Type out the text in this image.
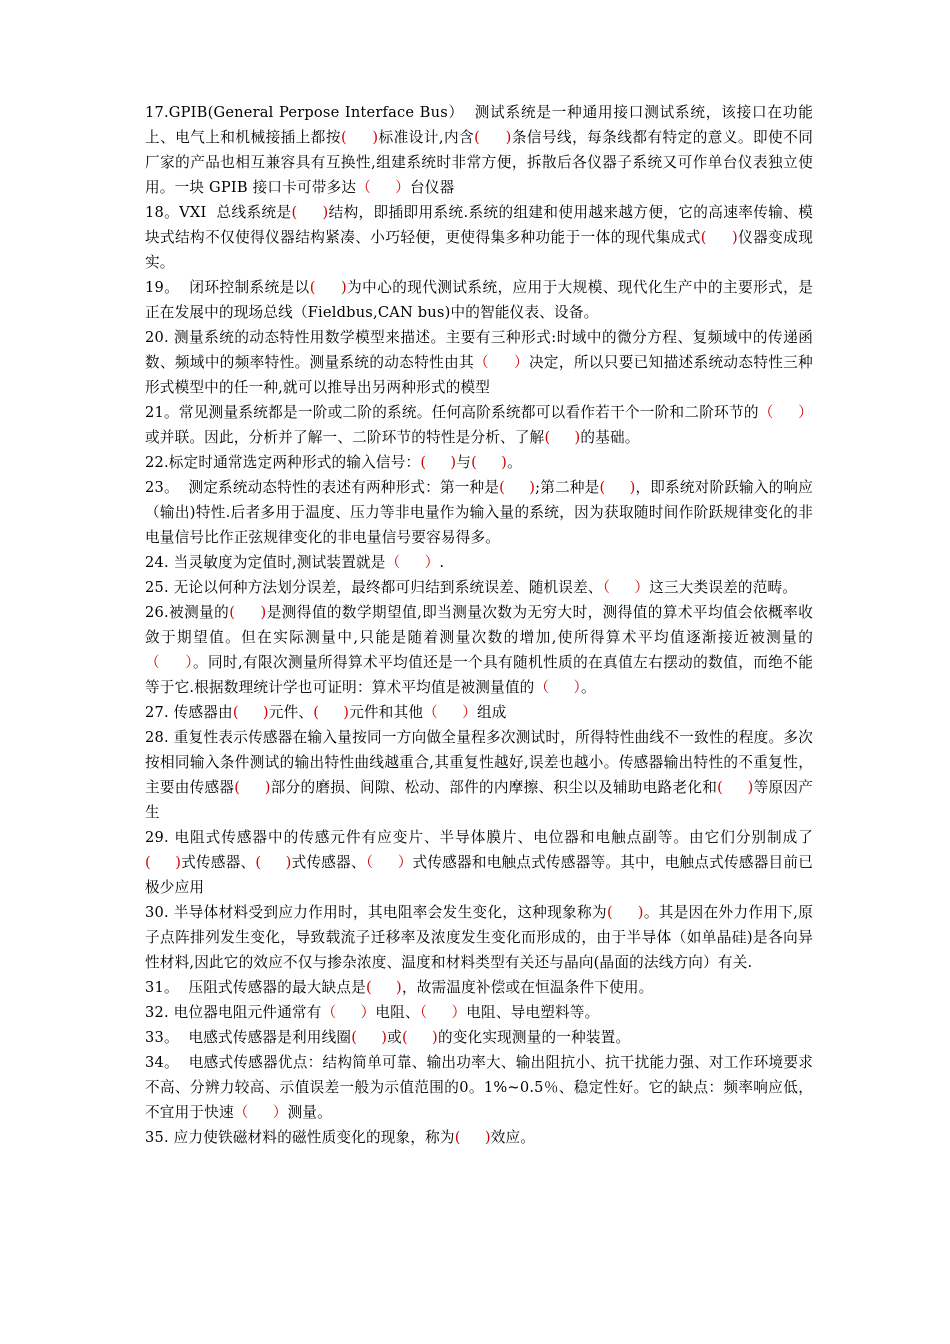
17.GPIB(General Perpose Interface Bus）  测试系统是一种通用接口测试系统，该接口在功能上、电气上和机械接插上都按(     )标准设计,内含(     )条信号线，每条线都有特定的意义。即使不同厂家的产品也相互兼容具有互换性,组建系统时非常方便，拆散后各仪器子系统又可作单台仪表独立使用。一块 GPIB 接口卡可带多达（     ）台仪器

18。VXI  总线系统是(     )结构，即插即用系统.系统的组建和使用越来越方便，它的高速率传输、模块式结构不仅使得仪器结构紧凑、小巧轻便，更使得集多种功能于一体的现代集成式(     )仪器变成现实。

19。  闭环控制系统是以(     )为中心的现代测试系统，应用于大规模、现代化生产中的主要形式，是正在发展中的现场总线（Fieldbus,CAN bus)中的智能仪表、设备。

20. 测量系统的动态特性用数学模型来描述。主要有三种形式:时域中的微分方程、复频域中的传递函数、频域中的频率特性。测量系统的动态特性由其（     ）决定，所以只要已知描述系统动态特性三种形式模型中的任一种,就可以推导出另两种形式的模型

21。常见测量系统都是一阶或二阶的系统。任何高阶系统都可以看作若干个一阶和二阶环节的（     ）或并联。因此，分析并了解一、二阶环节的特性是分析、了解(     )的基础。

22.标定时通常选定两种形式的输入信号：(     )与(     )。

23。  测定系统动态特性的表述有两种形式：第一种是(     );第二种是(     )，即系统对阶跃输入的响应（输出)特性.后者多用于温度、压力等非电量作为输入量的系统，因为获取随时间作阶跃规律变化的非电量信号比作正弦规律变化的非电量信号要容易得多。

24. 当灵敏度为定值时,测试装置就是（     ）.

25. 无论以何种方法划分误差，最终都可归结到系统误差、随机误差、（     ）这三大类误差的范畴。

26.被测量的(     )是测得值的数学期望值,即当测量次数为无穷大时，测得值的算术平均值会依概率收敛于期望值。但在实际测量中,只能是随着测量次数的增加,使所得算术平均值逐渐接近被测量的（     ）。同时,有限次测量所得算术平均值还是一个具有随机性质的在真值左右摆动的数值，而绝不能等于它.根据数理统计学也可证明：算术平均值是被测量值的（     ）。

27. 传感器由(     )元件、(     )元件和其他（     ）组成

28. 重复性表示传感器在输入量按同一方向做全量程多次测试时，所得特性曲线不一致性的程度。多次按相同输入条件测试的输出特性曲线越重合,其重复性越好,误差也越小。传感器输出特性的不重复性，主要由传感器(     )部分的磨损、间隙、松动、部件的内摩擦、积尘以及辅助电路老化和(     )等原因产生

29. 电阻式传感器中的传感元件有应变片、半导体膜片、电位器和电触点副等。由它们分别制成了(     )式传感器、(     )式传感器、（     ）式传感器和电触点式传感器等。其中，电触点式传感器目前已极少应用

30. 半导体材料受到应力作用时，其电阻率会发生变化，这种现象称为(     )。其是因在外力作用下,原子点阵排列发生变化，导致载流子迁移率及浓度发生变化而形成的，由于半导体（如单晶硅)是各向异性材料,因此它的效应不仅与掺杂浓度、温度和材料类型有关还与晶向(晶面的法线方向）有关.

31。  压阻式传感器的最大缺点是(     )，故需温度补偿或在恒温条件下使用。

32. 电位器电阻元件通常有（     ）电阻、（     ）电阻、导电塑料等。

33。  电感式传感器是利用线圈(     )或(     )的变化实现测量的一种装置。

34。  电感式传感器优点：结构简单可靠、输出功率大、输出阻抗小、抗干扰能力强、对工作环境要求不高、分辨力较高、示值误差一般为示值范围的0。1%~0.5％、稳定性好。它的缺点：频率响应低，不宜用于快速（     ）测量。

35. 应力使铁磁材料的磁性质变化的现象，称为(     )效应。
